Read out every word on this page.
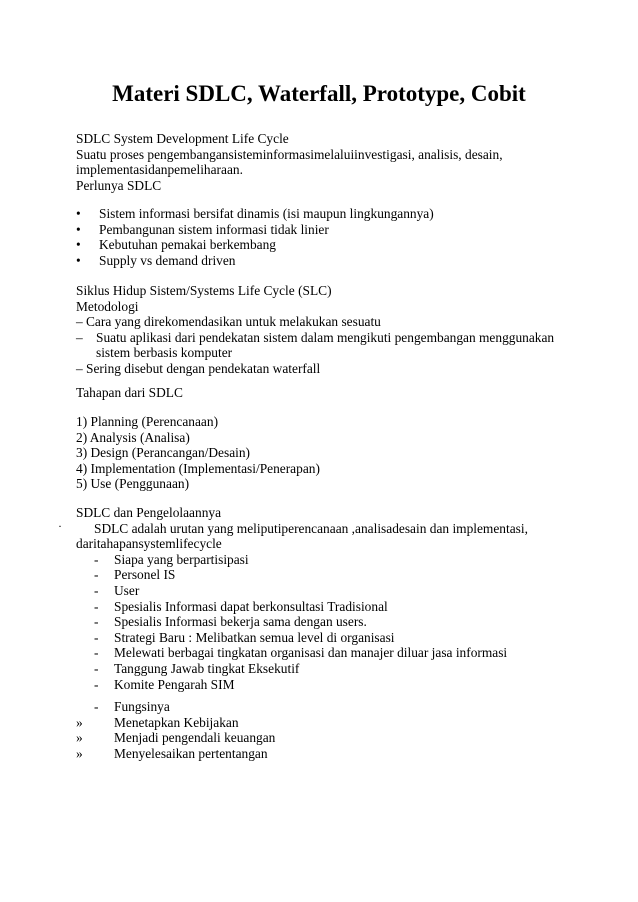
Materi SDLC, Waterfall, Prototype, Cobit
SDLC System Development Life Cycle
Suatu proses pengembangansisteminformasimelaluiinvestigasi, analisis, desain,
implementasidanpemeliharaan.
Perlunya SDLC
• Sistem informasi bersifat dinamis (isi maupun lingkungannya)
• Pembangunan sistem informasi tidak linier
• Kebutuhan pemakai berkembang
• Supply vs demand driven
Siklus Hidup Sistem/Systems Life Cycle (SLC)
Metodologi
– Cara yang direkomendasikan untuk melakukan sesuatu
– Suatu aplikasi dari pendekatan sistem dalam mengikuti pengembangan menggunakan
sistem berbasis komputer
– Sering disebut dengan pendekatan waterfall
Tahapan dari SDLC
1) Planning (Perencanaan)
2) Analysis (Analisa)
3) Design (Perancangan/Desain)
4) Implementation (Implementasi/Penerapan)
5) Use (Penggunaan)
·
SDLC dan Pengelolaannya
SDLC adalah urutan yang meliputiperencanaan ,analisadesain dan implementasi,
daritahapansystemlifecycle
- Siapa yang berpartisipasi
- Personel IS
- User
- Spesialis Informasi dapat berkonsultasi Tradisional
- Spesialis Informasi bekerja sama dengan users.
- Strategi Baru : Melibatkan semua level di organisasi
- Melewati berbagai tingkatan organisasi dan manajer diluar jasa informasi
- Tanggung Jawab tingkat Eksekutif
- Komite Pengarah SIM
- Fungsinya
» Menetapkan Kebijakan
» Menjadi pengendali keuangan
» Menyelesaikan pertentangan
